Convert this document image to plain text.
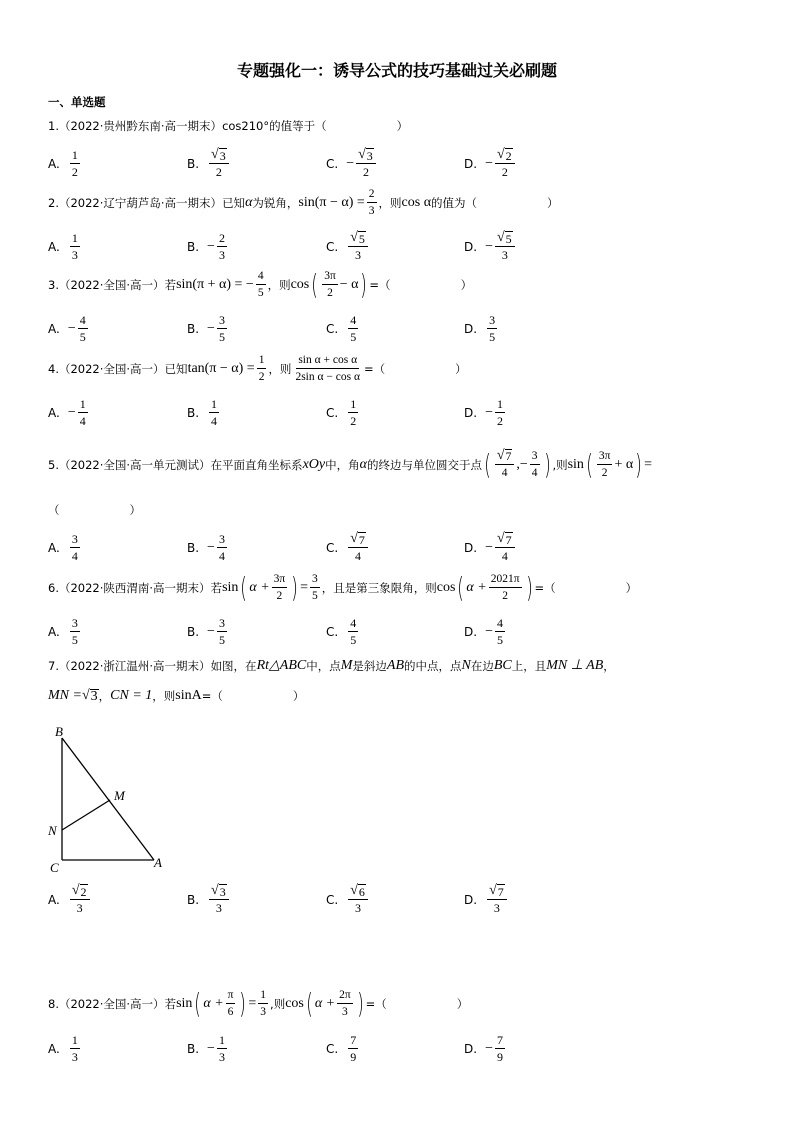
专题强化一：诱导公式的技巧基础过关必刷题
一、单选题
1. （2022·贵州黔东南·高一期末） cos210°的值等于（	）
A. $\frac{1}{2}$	B. $\frac{√ 3}{2}$	C. − $\frac{√ 3}{2}$	D. − $\frac{√ 2}{2}$
2. （2022·辽宁葫芦岛·高一期末） 已知 α 为锐角， $\sin(\pi - \alpha) = \frac{2}{3}$ ，则 cos α 的值为（	）
A. $\frac{1}{3}$	B. − $\frac{2}{3}$	C. $\frac{√ 5}{3}$	D. − $\frac{√ 5}{3}$
3. （2022·全国·高一） 若 sin(π + α) = − $\frac{4}{5}$ ，则 cos ( $\frac{3\pi}{2} - \alpha$ ) =（	）
A. − $\frac{4}{5}$	B. − $\frac{3}{5}$	C. $\frac{4}{5}$	D. $\frac{3}{5}$
4. （2022·全国·高一） 已知 $\tan(\pi - \alpha) = \frac{1}{2}$ ，则 $\frac{\text{sin α + cos α}}{\text{2sin α − cos α}}$ =（	）
A. − $\frac{1}{4}$	B. $\frac{1}{4}$	C. $\frac{1}{2}$	D. − $\frac{1}{2}$
5. （2022·全国·高一单元测试） 在平面直角坐标系 xOy 中，角 α 的终边与单位圆交于点 ( $\frac{√ 7}{4}$ ,− $\frac{3}{4}$ ) ,则 sin ( $\frac{3\pi}{2} + \alpha$ ) =
（	）
A. $\frac{3}{4}$	B. − $\frac{3}{4}$	C. $\frac{√ 7}{4}$	D. − $\frac{√ 7}{4}$
6. （2022·陕西渭南·高一期末） 若 sin ( $\alpha + \frac{3\pi}{2}$ ) = $\frac{3}{5}$ ，且 是第三象限角，则 cos ( $\alpha + \frac{2021\pi}{2}$ ) =（	）
A. $\frac{3}{5}$	B. − $\frac{3}{5}$	C. $\frac{4}{5}$	D. − $\frac{4}{5}$
7. （2022·浙江温州·高一期末） 如图，在 Rt△ABC 中，点 M 是斜边 AB 的中点，点 N 在边 BC 上，且 MN ⊥ AB ，
MN = √ 3 ， CN = 1 ，则 sinA =（	）
B
M
N
C	A
A. $\frac{√ 2}{3}$	B. $\frac{√ 3}{3}$	C. $\frac{√ 6}{3}$	D. $\frac{√ 7}{3}$
8. （2022·全国·高一） 若 sin ( $\alpha + \frac{\pi}{6}$ ) = $\frac{1}{3}$ ,则 cos ( $\alpha + \frac{2\pi}{3}$ ) =（	）
A. $\frac{1}{3}$	B. − $\frac{1}{3}$	C. $\frac{7}{9}$	D. − $\frac{7}{9}$
